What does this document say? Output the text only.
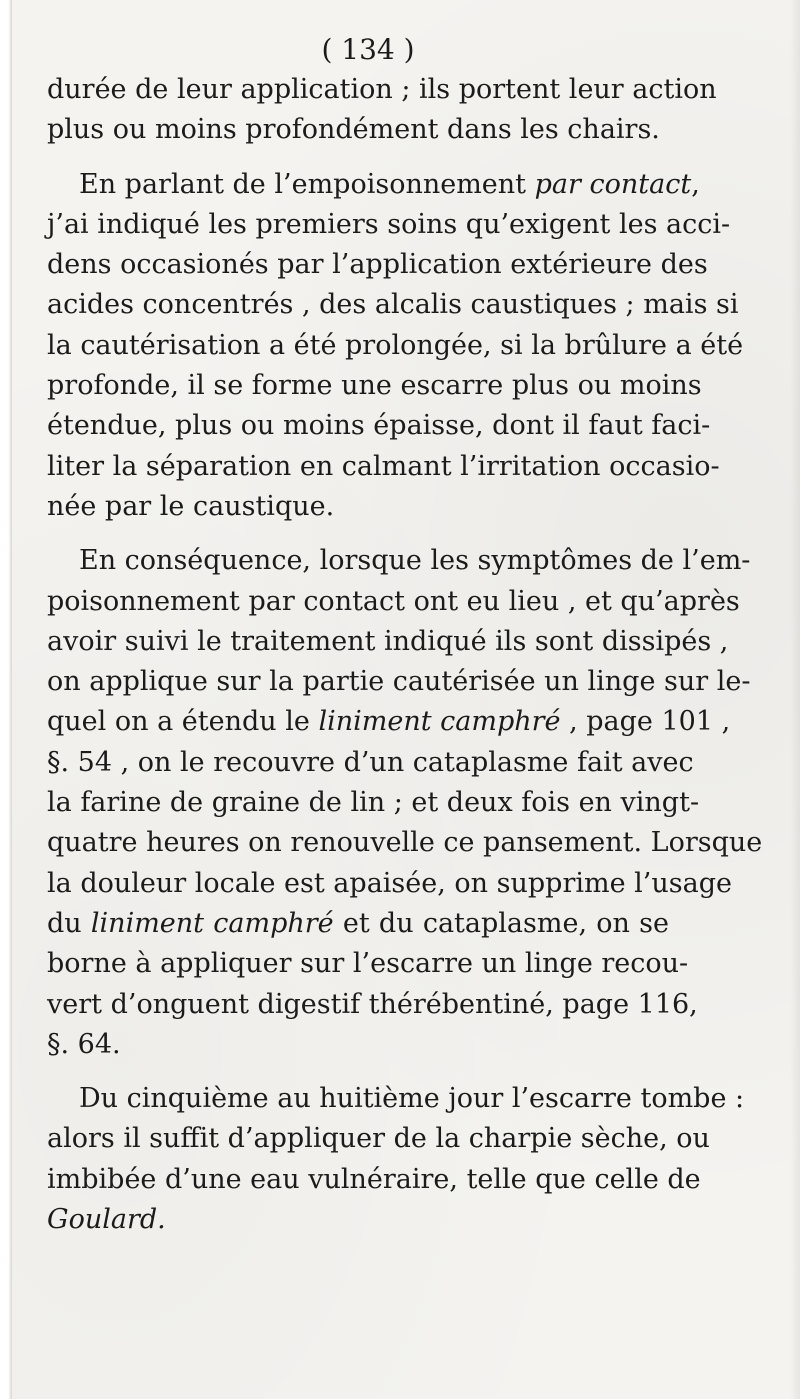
( 134 )
durée de leur application ; ils portent leur action
plus ou moins profondément dans les chairs.
En parlant de l’empoisonnement par contact,
j’ai indiqué les premiers soins qu’exigent les acci-
dens occasionés par l’application extérieure des
acides concentrés , des alcalis caustiques ; mais si
la cautérisation a été prolongée, si la brûlure a été
profonde, il se forme une escarre plus ou moins
étendue, plus ou moins épaisse, dont il faut faci-
liter la séparation en calmant l’irritation occasio-
née par le caustique.
En conséquence, lorsque les symptômes de l’em-
poisonnement par contact ont eu lieu , et qu’après
avoir suivi le traitement indiqué ils sont dissipés ,
on applique sur la partie cautérisée un linge sur le-
quel on a étendu le liniment camphré , page 101 ,
§. 54 , on le recouvre d’un cataplasme fait avec
la farine de graine de lin ; et deux fois en vingt-
quatre heures on renouvelle ce pansement. Lorsque
la douleur locale est apaisée, on supprime l’usage
du liniment camphré et du cataplasme, on se
borne à appliquer sur l’escarre un linge recou-
vert d’onguent digestif thérébentiné, page 116,
§. 64.
Du cinquième au huitième jour l’escarre tombe :
alors il suffit d’appliquer de la charpie sèche, ou
imbibée d’une eau vulnéraire, telle que celle de
Goulard.
